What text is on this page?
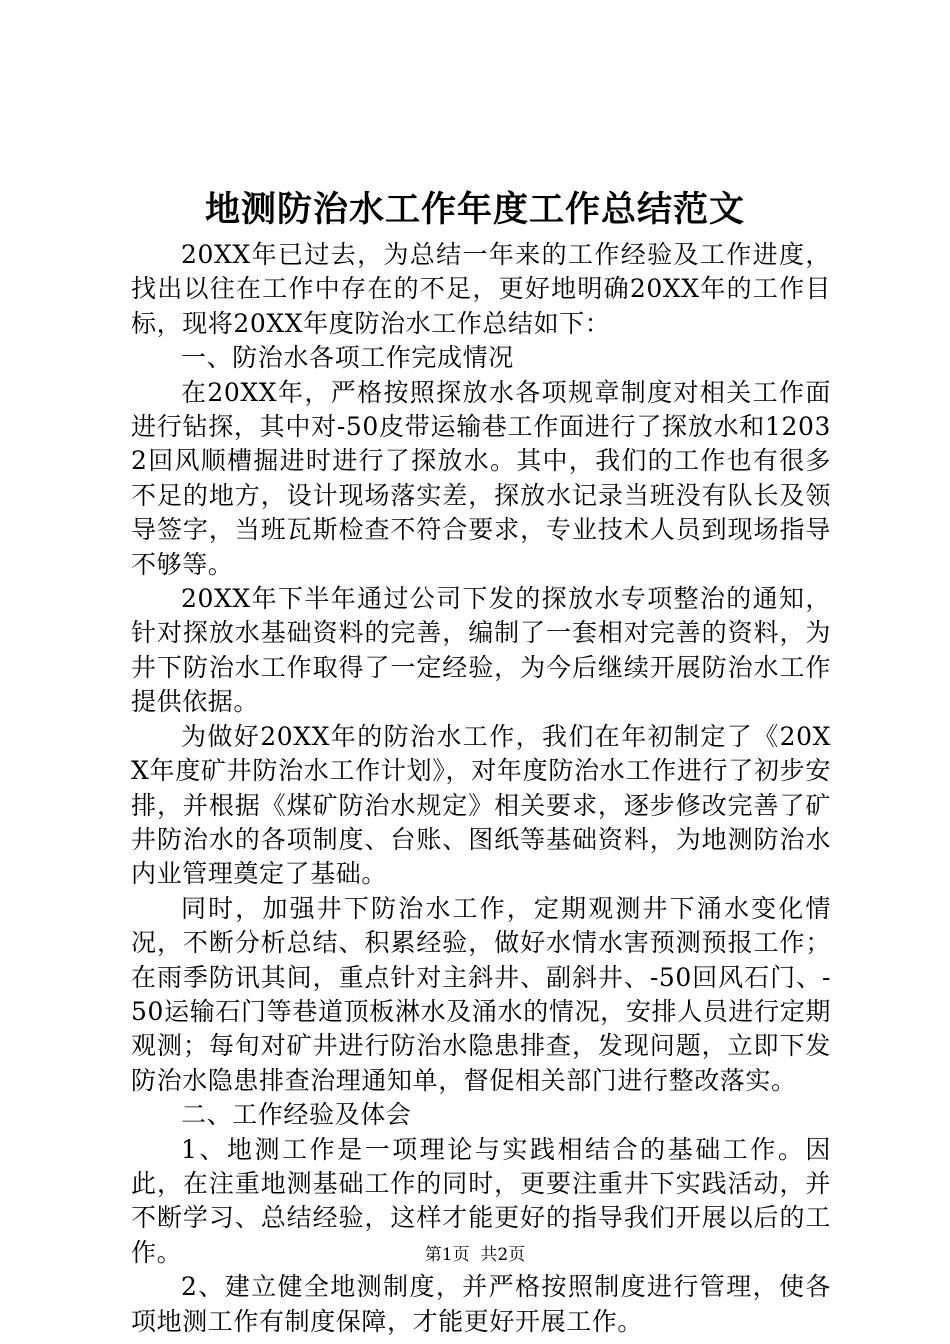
地测防治水工作年度工作总结范文

20XX年已过去，为总结一年来的工作经验及工作进度，找出以往在工作中存在的不足，更好地明确20XX年的工作目标，现将20XX年度防治水工作总结如下：

一、防治水各项工作完成情况

在20XX年，严格按照探放水各项规章制度对相关工作面进行钻探，其中对-50皮带运输巷工作面进行了探放水和12032回风顺槽掘进时进行了探放水。其中，我们的工作也有很多不足的地方，设计现场落实差，探放水记录当班没有队长及领导签字，当班瓦斯检查不符合要求，专业技术人员到现场指导不够等。

20XX年下半年通过公司下发的探放水专项整治的通知，针对探放水基础资料的完善，编制了一套相对完善的资料，为井下防治水工作取得了一定经验，为今后继续开展防治水工作提供依据。

为做好20XX年的防治水工作，我们在年初制定了《20XX年度矿井防治水工作计划》，对年度防治水工作进行了初步安排，并根据《煤矿防治水规定》相关要求，逐步修改完善了矿井防治水的各项制度、台账、图纸等基础资料，为地测防治水内业管理奠定了基础。

同时，加强井下防治水工作，定期观测井下涌水变化情况，不断分析总结、积累经验，做好水情水害预测预报工作；在雨季防讯其间，重点针对主斜井、副斜井、-50回风石门、-50运输石门等巷道顶板淋水及涌水的情况，安排人员进行定期观测；每旬对矿井进行防治水隐患排查，发现问题，立即下发防治水隐患排查治理通知单，督促相关部门进行整改落实。

二、工作经验及体会

1、地测工作是一项理论与实践相结合的基础工作。因此，在注重地测基础工作的同时，更要注重井下实践活动，并不断学习、总结经验，这样才能更好的指导我们开展以后的工作。

2、建立健全地测制度，并严格按照制度进行管理，使各项地测工作有制度保障，才能更好开展工作。

第1页 共2页
